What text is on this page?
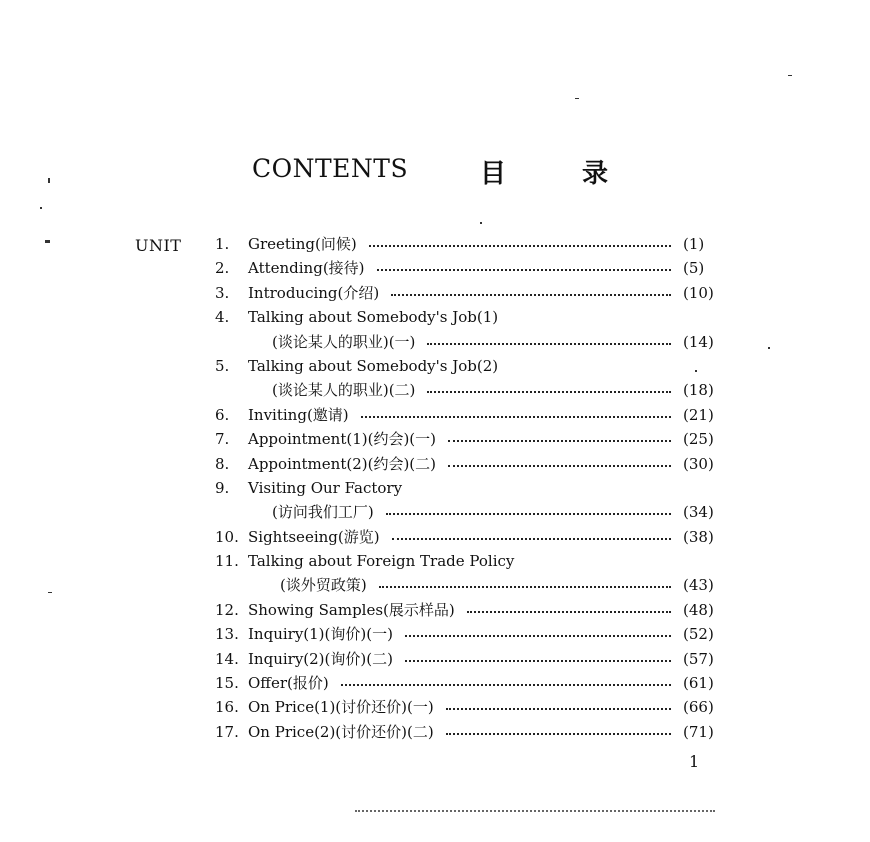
CONTENTS	目	录
UNIT 1. Greeting(问候)	(1)
2. Attending(接待)	(5)
3. Introducing(介绍)	(10)
4. Talking about Somebody's Job(1)
(谈论某人的职业)(一)	(14)
5. Talking about Somebody's Job(2)
(谈论某人的职业)(二)	(18)
6. Inviting(邀请)	(21)
7. Appointment(1)(约会)(一)	(25)
8. Appointment(2)(约会)(二)	(30)
9. Visiting Our Factory
(访问我们工厂)	(34)
10. Sightseeing(游览)	(38)
11. Talking about Foreign Trade Policy
(谈外贸政策)	(43)
12. Showing Samples(展示样品)	(48)
13. Inquiry(1)(询价)(一)	(52)
14. Inquiry(2)(询价)(二)	(57)
15. Offer(报价)	(61)
16. On Price(1)(讨价还价)(一)	(66)
17. On Price(2)(讨价还价)(二)	(71)
1
